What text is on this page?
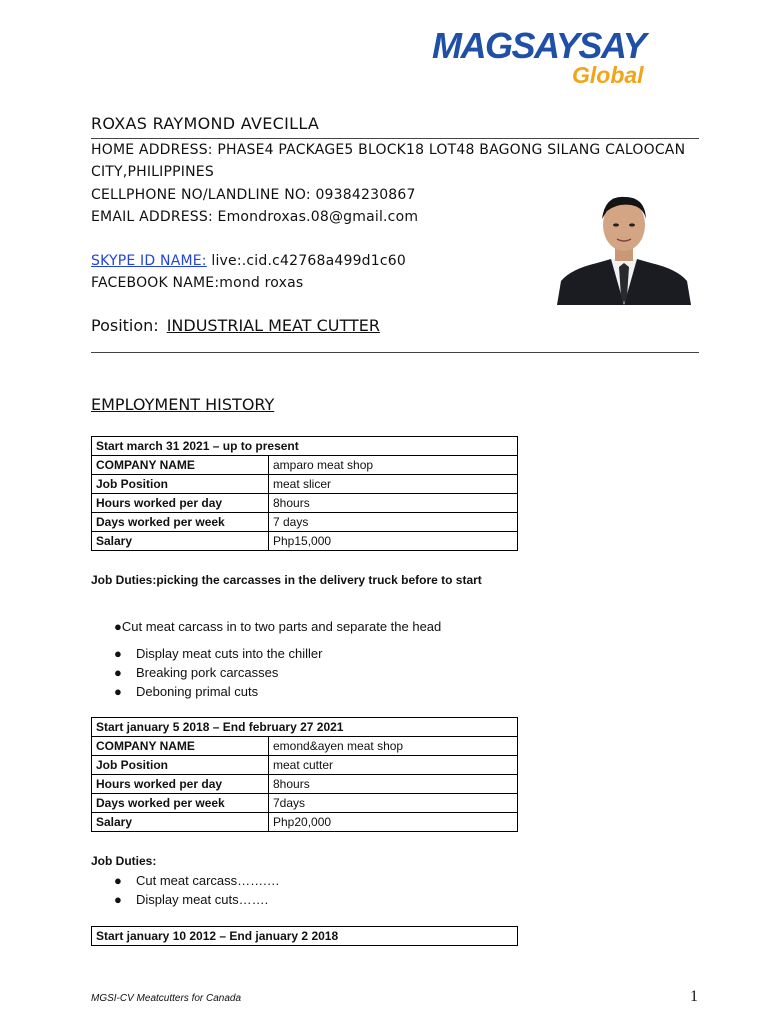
MAGSAYSAY
Global
ROXAS RAYMOND AVECILLA
HOME ADDRESS: PHASE4 PACKAGE5 BLOCK18 LOT48 BAGONG SILANG CALOOCAN
CITY,PHILIPPINES
CELLPHONE NO/LANDLINE NO: 09384230867
EMAIL ADDRESS: Emondroxas.08@gmail.com
SKYPE ID NAME: live:.cid.c42768a499d1c60
FACEBOOK NAME:mond roxas
Position: INDUSTRIAL MEAT CUTTER
EMPLOYMENT HISTORY
Start march 31 2021 – up to present	
COMPANY NAME	amparo meat shop
Job Position	meat slicer
Hours worked per day	8hours
Days worked per week	7 days
Salary	Php15,000
Job Duties:picking the carcasses in the delivery truck before to start
●Cut meat carcass in to two parts and separate the head
● Display meat cuts into the chiller
● Breaking pork carcasses
● Deboning primal cuts
Start january 5 2018 – End february 27 2021	
COMPANY NAME	emond&ayen meat shop
Job Position	meat cutter
Hours worked per day	8hours
Days worked per week	7days
Salary	Php20,000
Job Duties:
● Cut meat carcass…….…
● Display meat cuts…….
Start january 10 2012 – End january 2 2018
MGSI-CV Meatcutters for Canada	1
